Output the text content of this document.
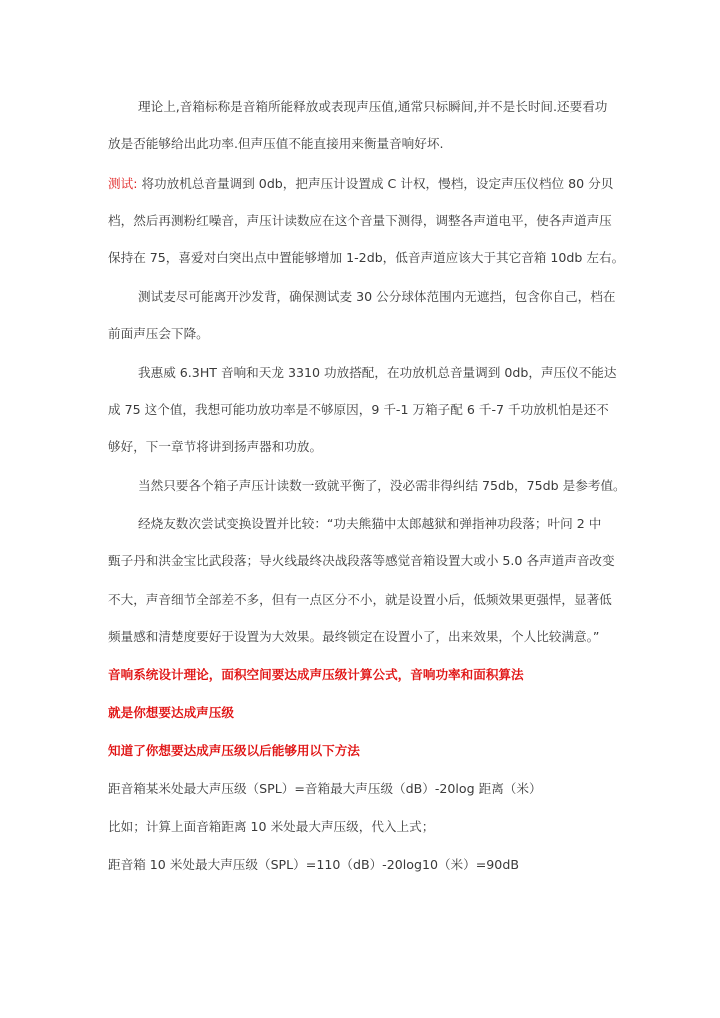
理论上,音箱标称是音箱所能释放或表现声压值,通常只标瞬间,并不是长时间.还要看功
放是否能够给出此功率.但声压值不能直接用来衡量音响好坏.
测试: 将功放机总音量调到 0db，把声压计设置成 C 计权，慢档，设定声压仪档位 80 分贝
档，然后再测粉红噪音，声压计读数应在这个音量下测得，调整各声道电平，使各声道声压
保持在 75，喜爱对白突出点中置能够增加 1-2db，低音声道应该大于其它音箱 10db 左右。
测试麦尽可能离开沙发背，确保测试麦 30 公分球体范围内无遮挡，包含你自己，档在
前面声压会下降。
我惠威 6.3HT 音响和天龙 3310 功放搭配，在功放机总音量调到 0db，声压仪不能达
成 75 这个值，我想可能功放功率是不够原因，9 千-1 万箱子配 6 千-7 千功放机怕是还不
够好，下一章节将讲到扬声器和功放。
当然只要各个箱子声压计读数一致就平衡了，没必需非得纠结 75db，75db 是参考值。
经烧友数次尝试变换设置并比较：“功夫熊猫中太郎越狱和弹指神功段落；叶问 2 中
甄子丹和洪金宝比武段落；导火线最终决战段落等感觉音箱设置大或小 5.0 各声道声音改变
不大，声音细节全部差不多，但有一点区分不小，就是设置小后，低频效果更强悍，显著低
频量感和清楚度要好于设置为大效果。最终锁定在设置小了，出来效果，个人比较满意。”
音响系统设计理论，面积空间要达成声压级计算公式，音响功率和面积算法
就是你想要达成声压级
知道了你想要达成声压级以后能够用以下方法
距音箱某米处最大声压级（SPL）=音箱最大声压级（dB）-20log 距离（米）
比如；计算上面音箱距离 10 米处最大声压级，代入上式；
距音箱 10 米处最大声压级（SPL）=110（dB）-20log10（米）=90dB
